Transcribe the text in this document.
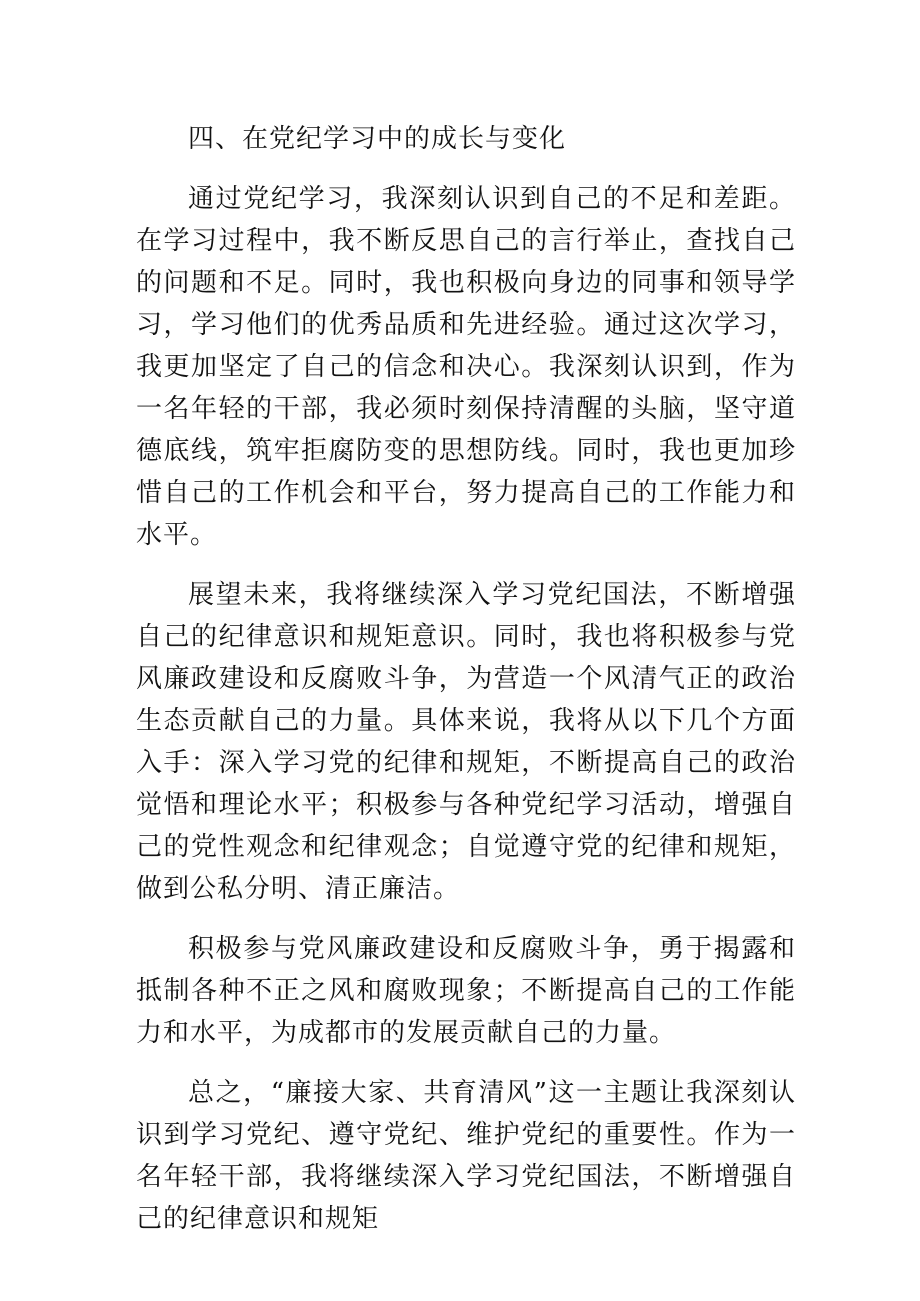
四、在党纪学习中的成长与变化

通过党纪学习，我深刻认识到自己的不足和差距。在学习过程中，我不断反思自己的言行举止，查找自己的问题和不足。同时，我也积极向身边的同事和领导学习，学习他们的优秀品质和先进经验。通过这次学习，我更加坚定了自己的信念和决心。我深刻认识到，作为一名年轻的干部，我必须时刻保持清醒的头脑，坚守道德底线，筑牢拒腐防变的思想防线。同时，我也更加珍惜自己的工作机会和平台，努力提高自己的工作能力和水平。

展望未来，我将继续深入学习党纪国法，不断增强自己的纪律意识和规矩意识。同时，我也将积极参与党风廉政建设和反腐败斗争，为营造一个风清气正的政治生态贡献自己的力量。具体来说，我将从以下几个方面入手：深入学习党的纪律和规矩，不断提高自己的政治觉悟和理论水平；积极参与各种党纪学习活动，增强自己的党性观念和纪律观念；自觉遵守党的纪律和规矩，做到公私分明、清正廉洁。

积极参与党风廉政建设和反腐败斗争，勇于揭露和抵制各种不正之风和腐败现象；不断提高自己的工作能力和水平，为成都市的发展贡献自己的力量。

总之，“廉接大家、共育清风”这一主题让我深刻认识到学习党纪、遵守党纪、维护党纪的重要性。作为一名年轻干部，我将继续深入学习党纪国法，不断增强自己的纪律意识和规矩
